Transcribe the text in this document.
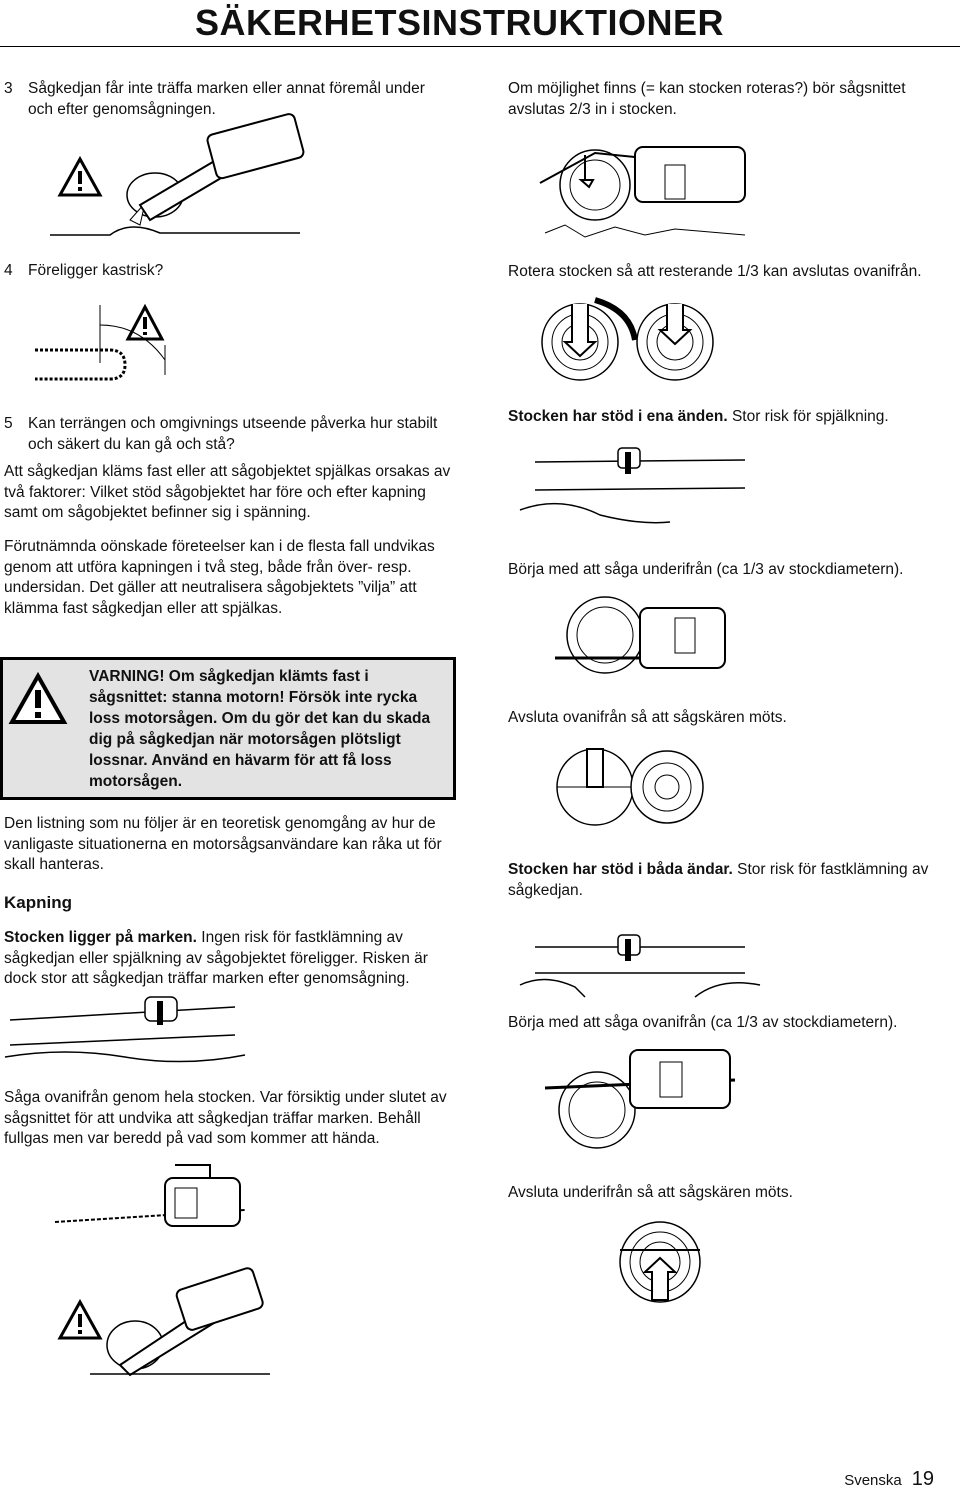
SÄKERHETSINSTRUKTIONER
3 Sågkedjan får inte träffa marken eller annat föremål under och efter genomsågningen.
4 Föreligger kastrisk?
5 Kan terrängen och omgivnings utseende påverka hur stabilt och säkert du kan gå och stå?

Att sågkedjan kläms fast eller att sågobjektet spjälkas orsakas av två faktorer: Vilket stöd sågobjektet har före och efter kapning samt om sågobjektet befinner sig i spänning.

Förutnämnda oönskade företeelser kan i de flesta fall undvikas genom att utföra kapningen i två steg, både från över- resp. undersidan. Det gäller att neutralisera sågobjektets ”vilja” att klämma fast sågkedjan eller att spjälkas.

VARNING! Om sågkedjan klämts fast i sågsnittet: stanna motorn! Försök inte rycka loss motorsågen. Om du gör det kan du skada dig på sågkedjan när motorsågen plötsligt lossnar. Använd en hävarm för att få loss motorsågen.

Den listning som nu följer är en teoretisk genomgång av hur de vanligaste situationerna en motorsågsanvändare kan råka ut för skall hanteras.

Kapning

Stocken ligger på marken. Ingen risk för fastklämning av sågkedjan eller spjälkning av sågobjektet föreligger. Risken är dock stor att sågkedjan träffar marken efter genomsågning.

Såga ovanifrån genom hela stocken. Var försiktig under slutet av sågsnittet för att undvika att sågkedjan träffar marken. Behåll fullgas men var beredd på vad som kommer att hända.

Om möjlighet finns (= kan stocken roteras?) bör sågsnittet avslutas 2/3 in i stocken.

Rotera stocken så att resterande 1/3 kan avslutas ovanifrån.

Stocken har stöd i ena änden. Stor risk för spjälkning.

Börja med att såga underifrån (ca 1/3 av stockdiametern).

Avsluta ovanifrån så att sågskären möts.

Stocken har stöd i båda ändar. Stor risk för fastklämning av sågkedjan.

Börja med att såga ovanifrån (ca 1/3 av stockdiametern).

Avsluta underifrån så att sågskären möts.

Svenska 19
